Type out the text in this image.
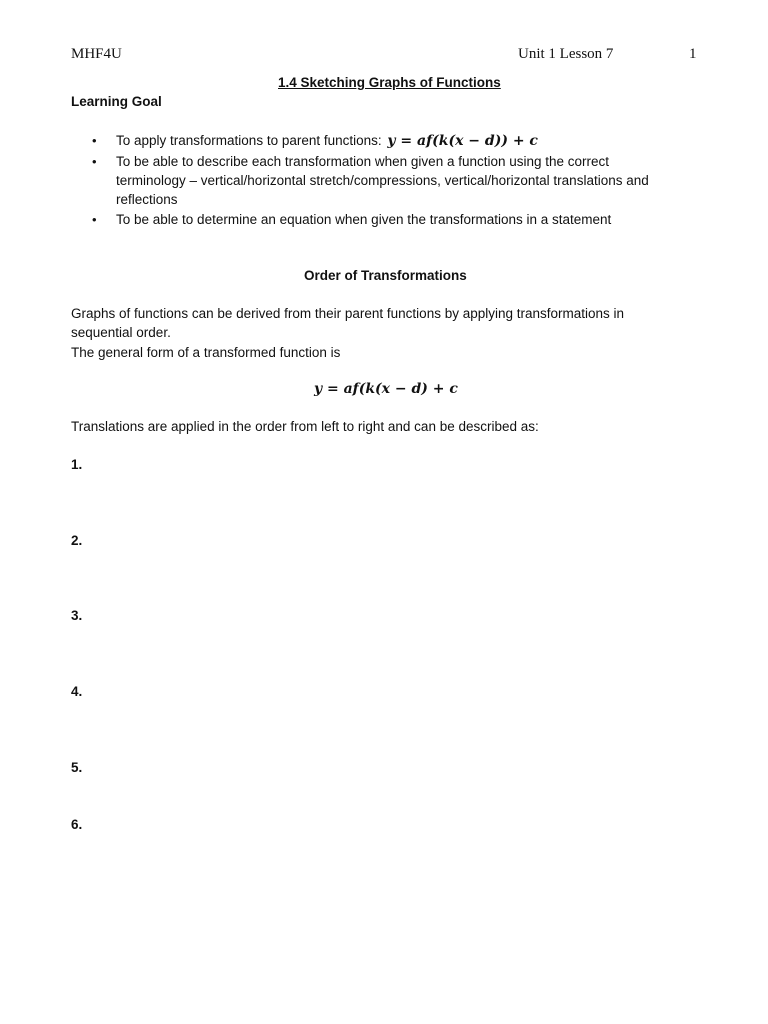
MHF4U	Unit 1 Lesson 7	1
1.4 Sketching Graphs of Functions
Learning Goal
• To apply transformations to parent functions: y = af(k(x − d)) + c
• To be able to describe each transformation when given a function using the correct
terminology – vertical/horizontal stretch/compressions, vertical/horizontal translations and
reflections
• To be able to determine an equation when given the transformations in a statement
Order of Transformations
Graphs of functions can be derived from their parent functions by applying transformations in
sequential order.
The general form of a transformed function is
y = af(k(x − d) + c
Translations are applied in the order from left to right and can be described as:
1.
2.
3.
4.
5.
6.
